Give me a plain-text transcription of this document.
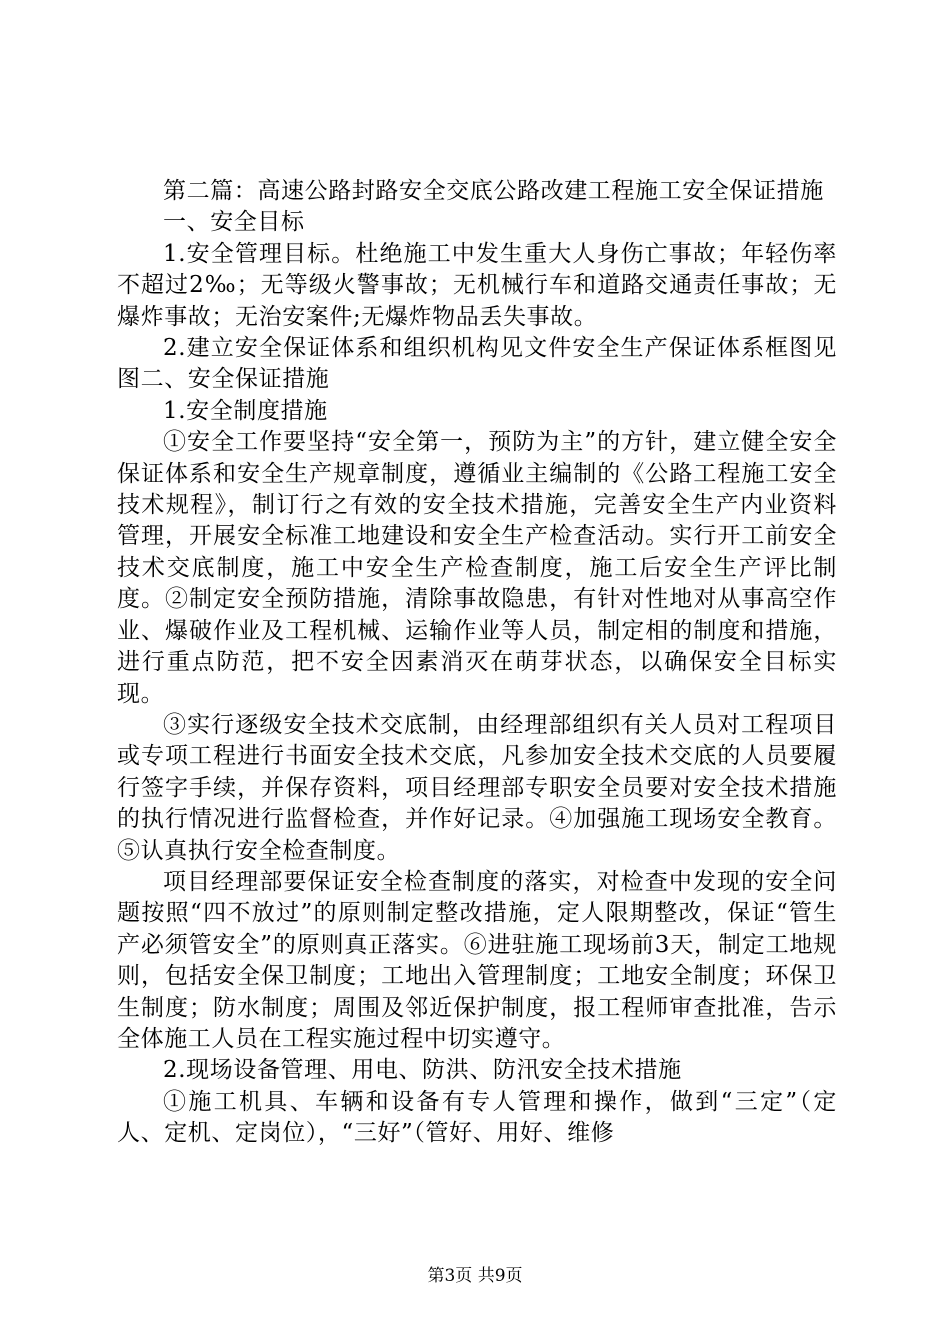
第二篇：高速公路封路安全交底公路改建工程施工安全保证措施

一、安全目标

1.安全管理目标。杜绝施工中发生重大人身伤亡事故；年轻伤率不超过2‰；无等级火警事故；无机械行车和道路交通责任事故；无爆炸事故；无治安案件;无爆炸物品丢失事故。

2.建立安全保证体系和组织机构见文件安全生产保证体系框图见图二、安全保证措施

1.安全制度措施

①安全工作要坚持“安全第一，预防为主”的方针，建立健全安全保证体系和安全生产规章制度，遵循业主编制的《公路工程施工安全技术规程》，制订行之有效的安全技术措施，完善安全生产内业资料管理，开展安全标准工地建设和安全生产检查活动。实行开工前安全技术交底制度，施工中安全生产检查制度，施工后安全生产评比制度。②制定安全预防措施，清除事故隐患，有针对性地对从事高空作业、爆破作业及工程机械、运输作业等人员，制定相的制度和措施，进行重点防范，把不安全因素消灭在萌芽状态，以确保安全目标实现。

③实行逐级安全技术交底制，由经理部组织有关人员对工程项目或专项工程进行书面安全技术交底，凡参加安全技术交底的人员要履行签字手续，并保存资料，项目经理部专职安全员要对安全技术措施的执行情况进行监督检查，并作好记录。④加强施工现场安全教育。⑤认真执行安全检查制度。

项目经理部要保证安全检查制度的落实，对检查中发现的安全问题按照“四不放过”的原则制定整改措施，定人限期整改，保证“管生产必须管安全”的原则真正落实。⑥进驻施工现场前3天，制定工地规则，包括安全保卫制度；工地出入管理制度；工地安全制度；环保卫生制度；防水制度；周围及邻近保护制度，报工程师审查批准，告示全体施工人员在工程实施过程中切实遵守。

2.现场设备管理、用电、防洪、防汛安全技术措施

①施工机具、车辆和设备有专人管理和操作，做到“三定”（定人、定机、定岗位），“三好”（管好、用好、维修

第3页 共9页
